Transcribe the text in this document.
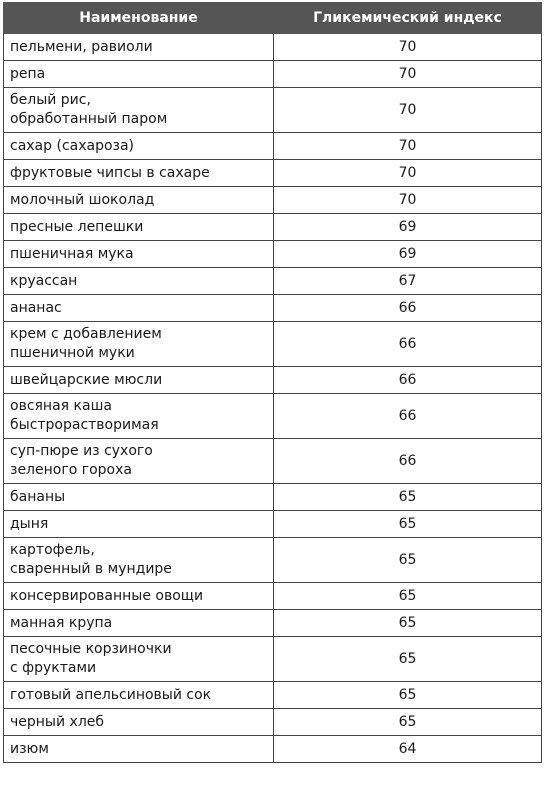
Наименование	Гликемический индекс
пельмени, равиоли	70
репа	70
белый рис,
обработанный паром	70
сахар (сахароза)	70
фруктовые чипсы в сахаре	70
молочный шоколад	70
пресные лепешки	69
пшеничная мука	69
круассан	67
ананас	66
крем с добавлением
пшеничной муки	66
швейцарские мюсли	66
овсяная каша
быстрорастворимая	66
суп-пюре из сухого
зеленого гороха	66
бананы	65
дыня	65
картофель,
сваренный в мундире	65
консервированные овощи	65
манная крупа	65
песочные корзиночки
с фруктами	65
готовый апельсиновый сок	65
черный хлеб	65
изюм	64
